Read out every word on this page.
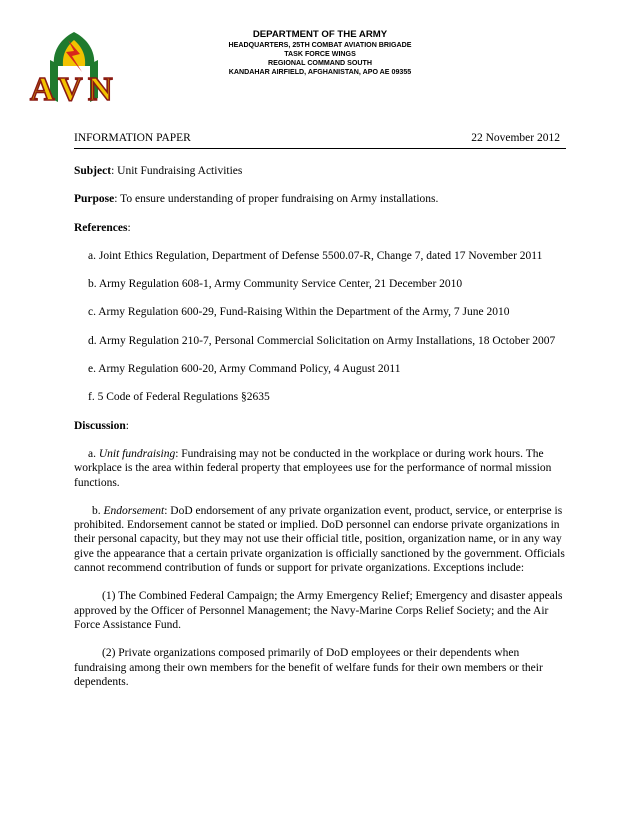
A V N
DEPARTMENT OF THE ARMY
HEADQUARTERS, 25TH COMBAT AVIATION BRIGADE
TASK FORCE WINGS
REGIONAL COMMAND SOUTH
KANDAHAR AIRFIELD, AFGHANISTAN, APO AE 09355
INFORMATION PAPER	22 November 2012

Subject: Unit Fundraising Activities

Purpose: To ensure understanding of proper fundraising on Army installations.

References:

a. Joint Ethics Regulation, Department of Defense 5500.07-R, Change 7, dated 17 November 2011

b. Army Regulation 608-1, Army Community Service Center, 21 December 2010

c. Army Regulation 600-29, Fund-Raising Within the Department of the Army, 7 June 2010

d. Army Regulation 210-7, Personal Commercial Solicitation on Army Installations, 18 October 2007

e. Army Regulation 600-20, Army Command Policy, 4 August 2011

f. 5 Code of Federal Regulations §2635

Discussion:

a. Unit fundraising: Fundraising may not be conducted in the workplace or during work hours. The workplace is the area within federal property that employees use for the performance of normal mission functions.

b. Endorsement: DoD endorsement of any private organization event, product, service, or enterprise is prohibited. Endorsement cannot be stated or implied. DoD personnel can endorse private organizations in their personal capacity, but they may not use their official title, position, organization name, or in any way give the appearance that a certain private organization is officially sanctioned by the government. Officials cannot recommend contribution of funds or support for private organizations. Exceptions include:

(1) The Combined Federal Campaign; the Army Emergency Relief; Emergency and disaster appeals approved by the Officer of Personnel Management; the Navy-Marine Corps Relief Society; and the Air Force Assistance Fund.

(2) Private organizations composed primarily of DoD employees or their dependents when fundraising among their own members for the benefit of welfare funds for their own members or their dependents.
